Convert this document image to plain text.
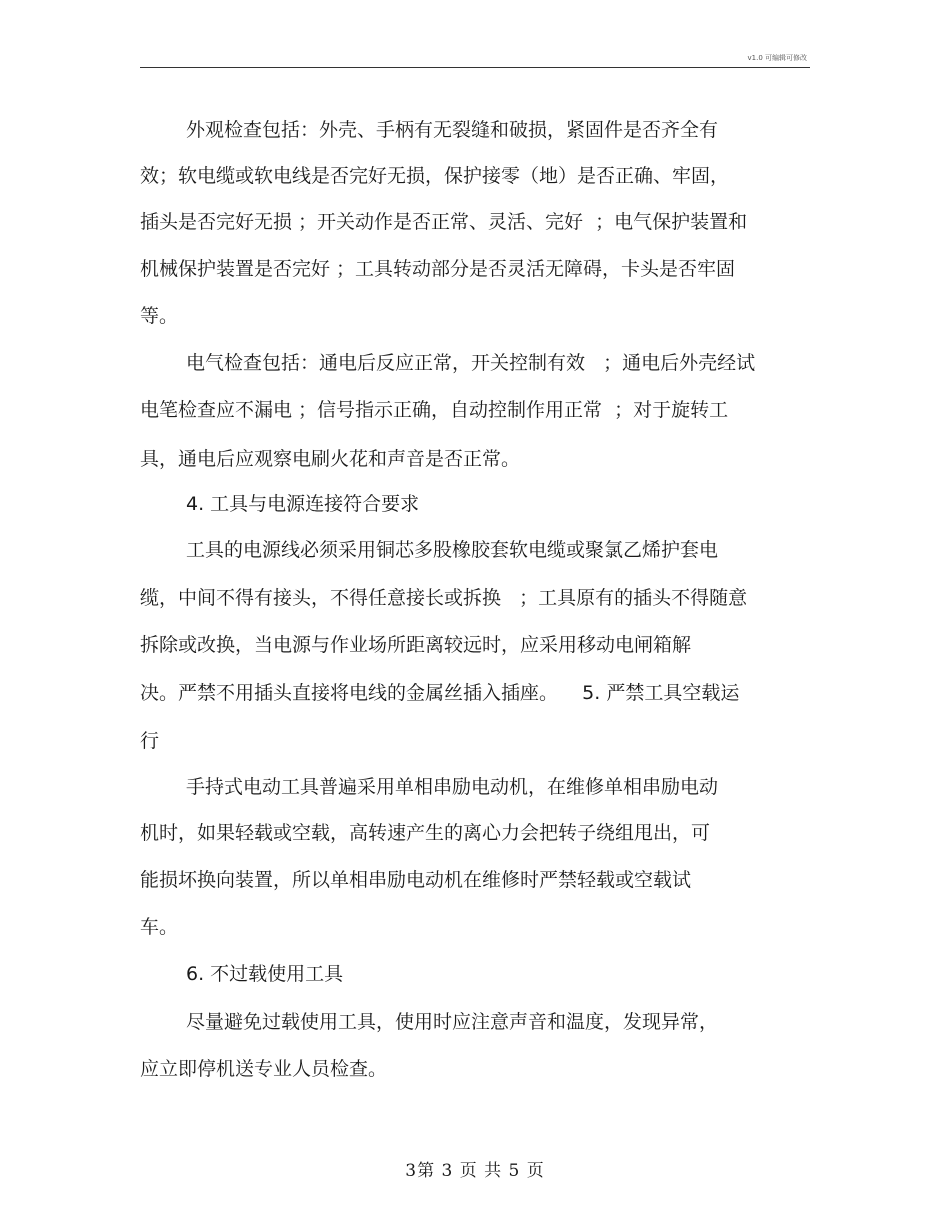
v1.0 可编辑可修改
外观检查包括：外壳、手柄有无裂缝和破损，紧固件是否齐全有
效；软电缆或软电线是否完好无损，保护接零（地）是否正确、牢固，
插头是否完好无损 ；开关动作是否正常、灵活、完好  ；电气保护装置和
机械保护装置是否完好 ；工具转动部分是否灵活无障碍，卡头是否牢固
等。
电气检查包括：通电后反应正常，开关控制有效   ；通电后外壳经试
电笔检查应不漏电 ；信号指示正确，自动控制作用正常  ；对于旋转工
具，通电后应观察电刷火花和声音是否正常。
4. 工具与电源连接符合要求
工具的电源线必须采用铜芯多股橡胶套软电缆或聚氯乙烯护套电
缆，中间不得有接头，不得任意接长或拆换   ；工具原有的插头不得随意
拆除或改换，当电源与作业场所距离较远时，应采用移动电闸箱解
决。严禁不用插头直接将电线的金属丝插入插座。    5. 严禁工具空载运
行
手持式电动工具普遍采用单相串励电动机，在维修单相串励电动
机时，如果轻载或空载，高转速产生的离心力会把转子绕组甩出，可
能损坏换向装置，所以单相串励电动机在维修时严禁轻载或空载试
车。
6. 不过载使用工具
尽量避免过载使用工具，使用时应注意声音和温度，发现异常，
应立即停机送专业人员检查。
3第 3 页 共 5 页
